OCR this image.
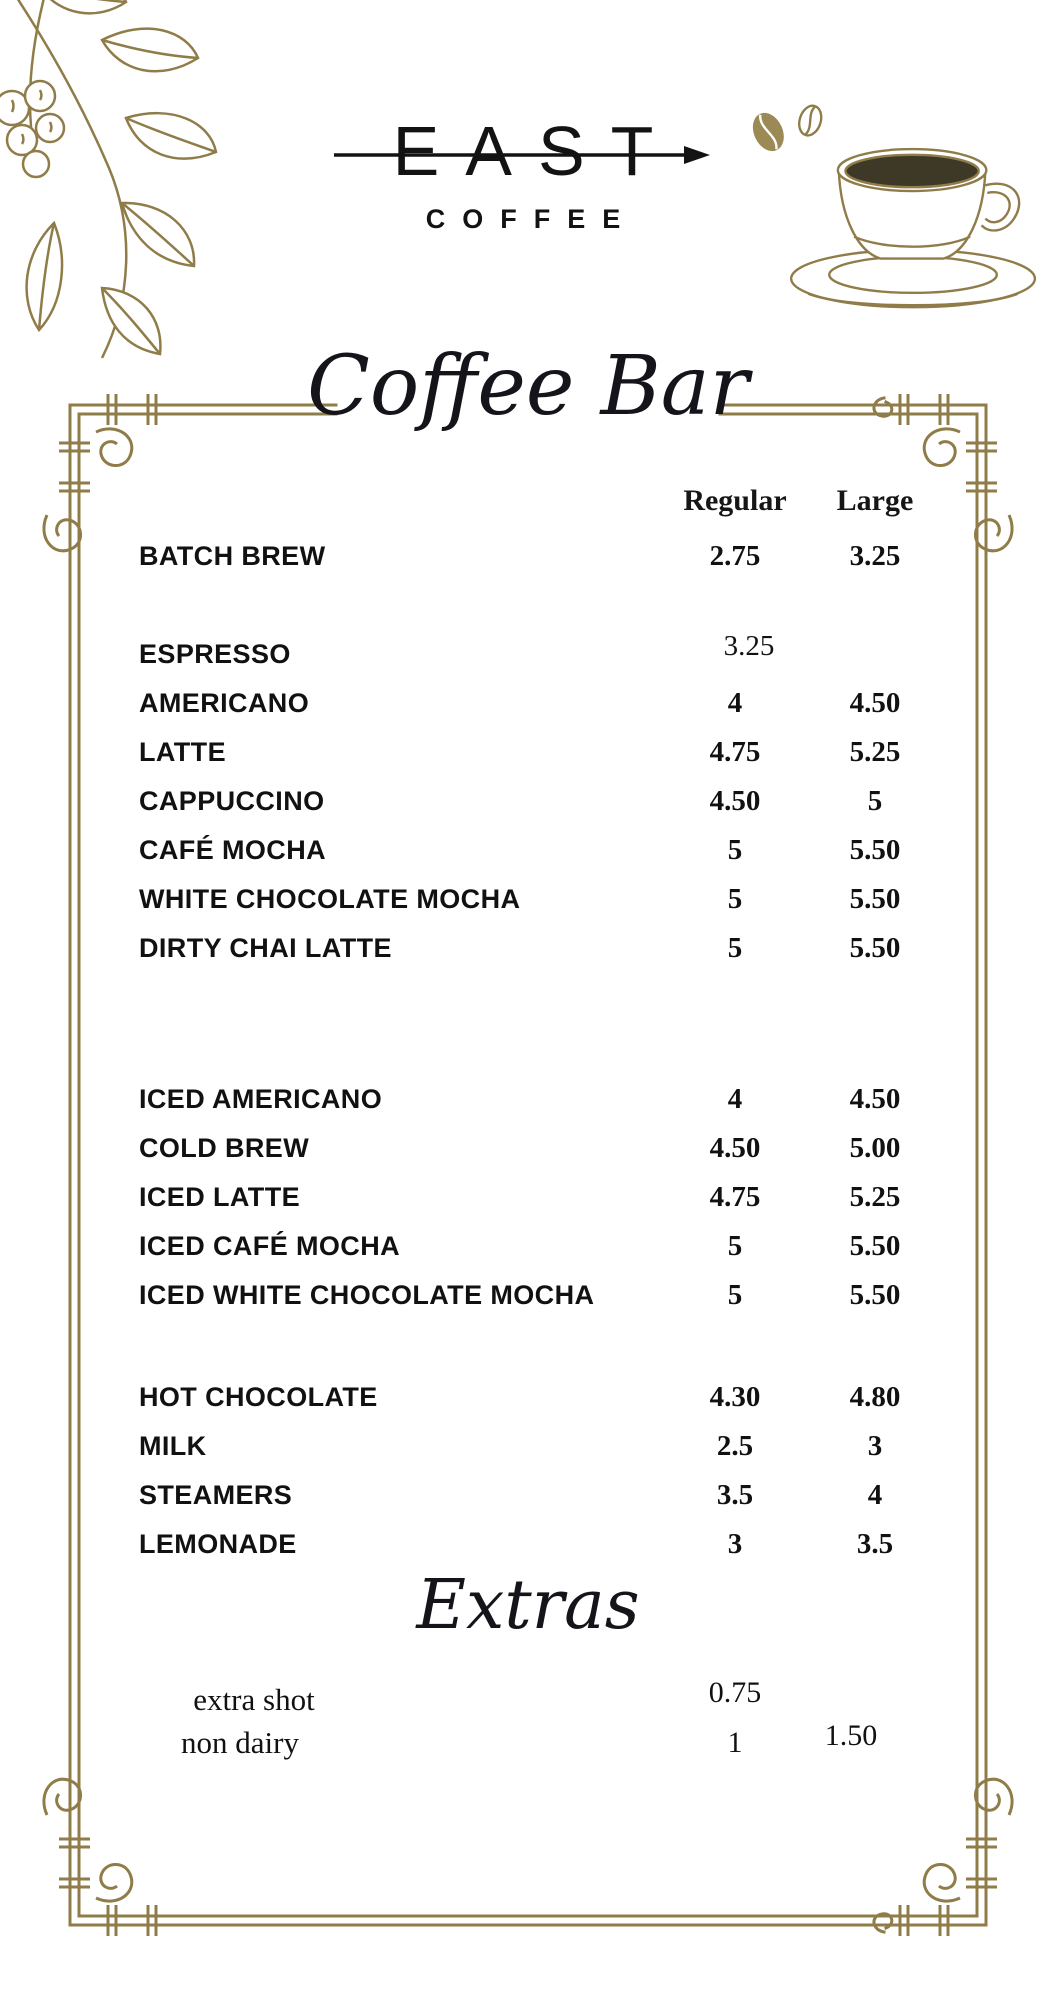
EAST
COFFEE
Coffee Bar
Regular	Large
BATCH BREW	2.75	3.25
ESPRESSO	3.25
AMERICANO	4	4.50
LATTE	4.75	5.25
CAPPUCCINO	4.50	5
CAFÉ MOCHA	5	5.50
WHITE CHOCOLATE MOCHA	5	5.50
DIRTY CHAI LATTE	5	5.50
ICED AMERICANO	4	4.50
COLD BREW	4.50	5.00
ICED LATTE	4.75	5.25
ICED CAFÉ MOCHA	5	5.50
ICED WHITE CHOCOLATE MOCHA	5	5.50
HOT CHOCOLATE	4.30	4.80
MILK	2.5	3
STEAMERS	3.5	4
LEMONADE	3	3.5
Extras
extra shot	0.75
non dairy	1	1.50
